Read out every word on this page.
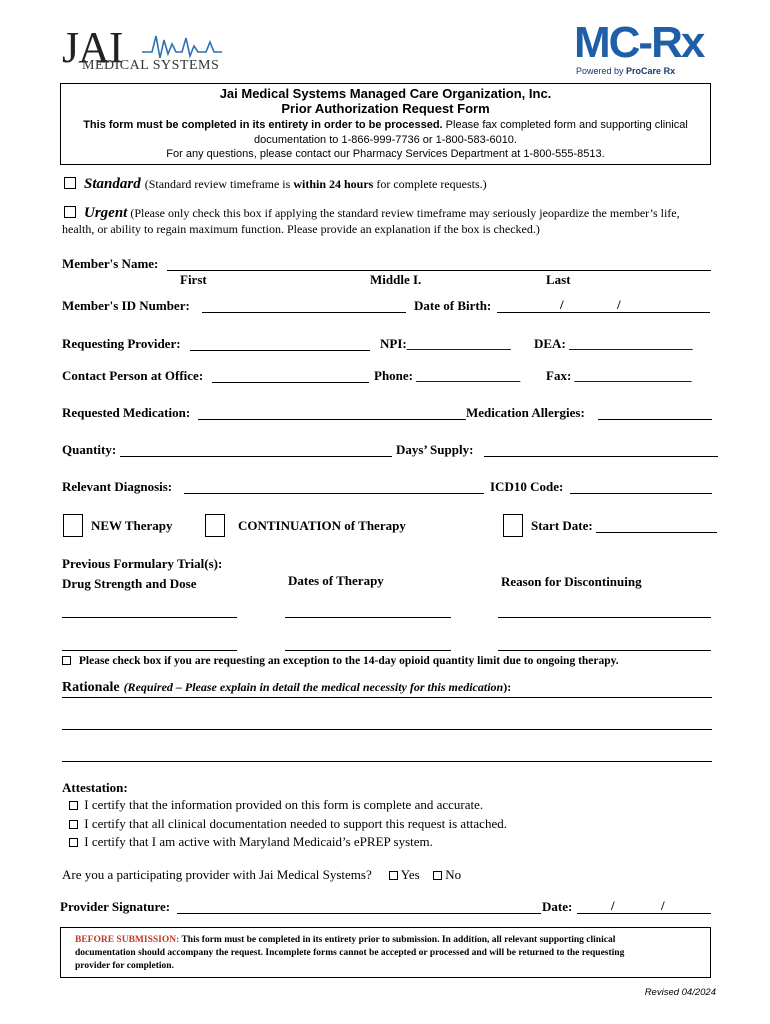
JAI
MEDICAL SYSTEMS	MC-Rx
Powered by ProCare Rx
Jai Medical Systems Managed Care Organization, Inc.
Prior Authorization Request Form
This form must be completed in its entirety in order to be processed. Please fax completed form and supporting clinical
documentation to 1-866-999-7736 or 1-800-583-6010.
For any questions, please contact our Pharmacy Services Department at 1-800-555-8513.
Standard (Standard review timeframe is within 24 hours for complete requests.)
Urgent (Please only check this box if applying the standard review timeframe may seriously jeopardize the member’s life,
health, or ability to regain maximum function. Please provide an explanation if the box is checked.)
Member's Name:
First	Middle I.	Last
Member's ID Number:	Date of Birth:	/	/
Requesting Provider:	NPI:________________ DEA: ___________________
Contact Person at Office:	Phone: ________________ Fax: __________________
Requested Medication:	Medication Allergies:
Quantity:	Days’ Supply:
Relevant Diagnosis:	ICD10 Code:
NEW Therapy	CONTINUATION of Therapy	Start Date:
Previous Formulary Trial(s):
Drug Strength and Dose	Dates of Therapy	Reason for Discontinuing
Please check box if you are requesting an exception to the 14-day opioid quantity limit due to ongoing therapy.
Rationale (Required – Please explain in detail the medical necessity for this medication):
Attestation:
I certify that the information provided on this form is complete and accurate.
I certify that all clinical documentation needed to support this request is attached.
I certify that I am active with Maryland Medicaid’s ePREP system.
Are you a participating provider with Jai Medical Systems? Yes No
Provider Signature:	Date:	/	/
BEFORE SUBMISSION: This form must be completed in its entirety prior to submission. In addition, all relevant supporting clinical
documentation should accompany the request. Incomplete forms cannot be accepted or processed and will be returned to the requesting
provider for completion.
Revised 04/2024
